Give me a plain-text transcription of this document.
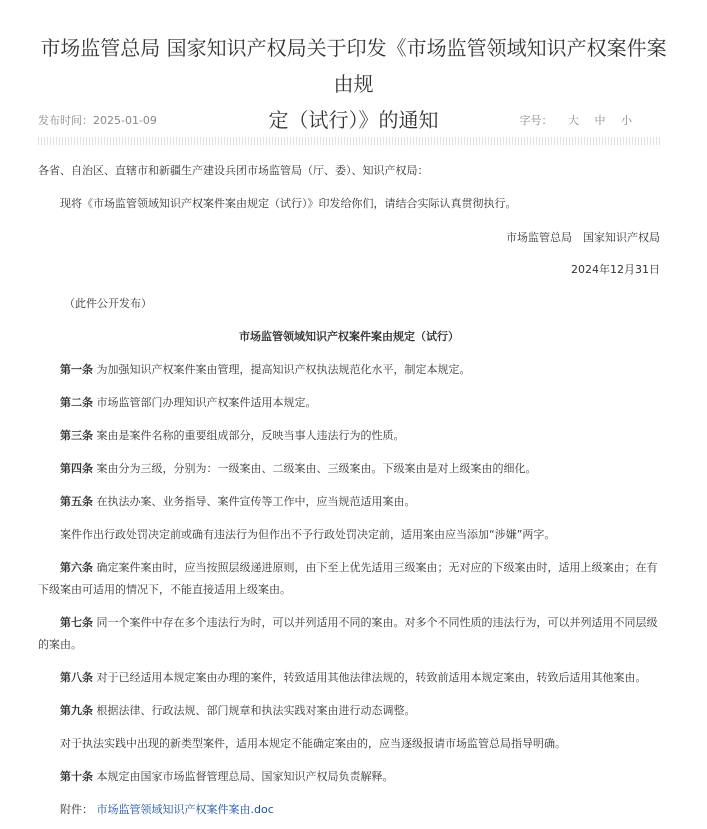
市场监管总局 国家知识产权局关于印发《市场监管领域知识产权案件案由规
定（试行）》的通知
发布时间：2025-01-09	字号： 大 中 小
各省、自治区、直辖市和新疆生产建设兵团市场监管局（厅、委）、知识产权局：
现将《市场监管领域知识产权案件案由规定（试行）》印发给你们，请结合实际认真贯彻执行。
市场监管总局　国家知识产权局
2024年12月31日
（此件公开发布）
市场监管领域知识产权案件案由规定（试行）
第一条 为加强知识产权案件案由管理，提高知识产权执法规范化水平，制定本规定。
第二条 市场监管部门办理知识产权案件适用本规定。
第三条 案由是案件名称的重要组成部分，反映当事人违法行为的性质。
第四条 案由分为三级，分别为：一级案由、二级案由、三级案由。下级案由是对上级案由的细化。
第五条 在执法办案、业务指导、案件宣传等工作中，应当规范适用案由。
案件作出行政处罚决定前或确有违法行为但作出不予行政处罚决定前，适用案由应当添加“涉嫌”两字。
第六条 确定案件案由时，应当按照层级递进原则，由下至上优先适用三级案由；无对应的下级案由时，适用上级案由；在有下级案由可适用的情况下，不能直接适用上级案由。
第七条 同一个案件中存在多个违法行为时，可以并列适用不同的案由。对多个不同性质的违法行为，可以并列适用不同层级的案由。
第八条 对于已经适用本规定案由办理的案件，转致适用其他法律法规的，转致前适用本规定案由，转致后适用其他案由。
第九条 根据法律、行政法规、部门规章和执法实践对案由进行动态调整。
对于执法实践中出现的新类型案件，适用本规定不能确定案由的，应当逐级报请市场监管总局指导明确。
第十条 本规定由国家市场监督管理总局、国家知识产权局负责解释。
附件： 市场监管领域知识产权案件案由.doc
